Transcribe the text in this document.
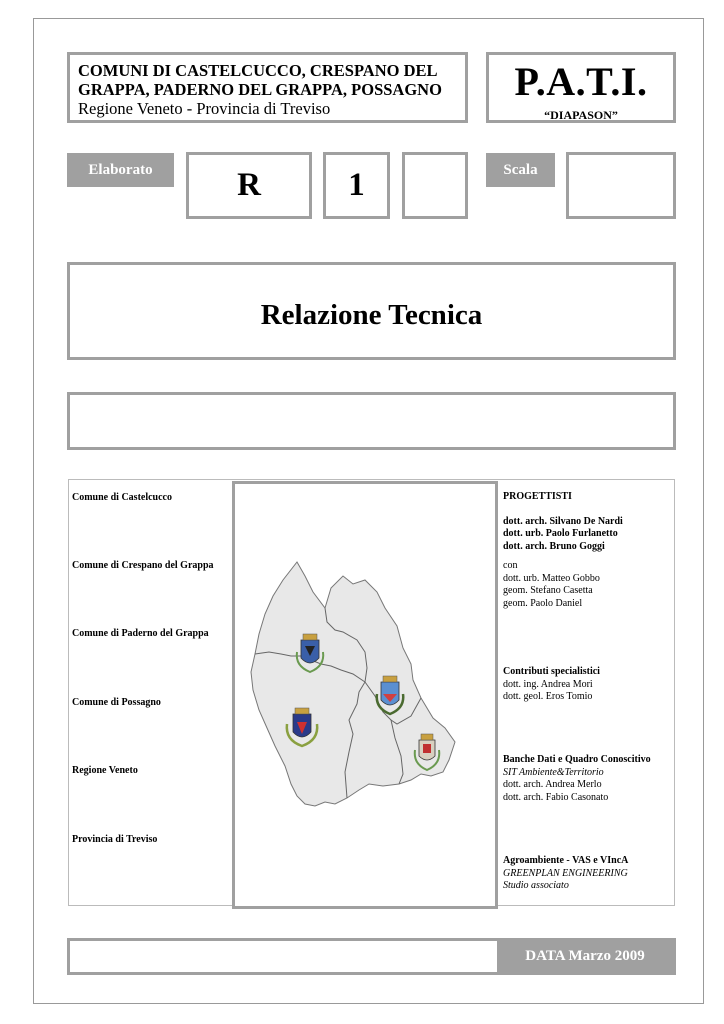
COMUNI DI CASTELCUCCO, CRESPANO DEL
GRAPPA, PADERNO DEL GRAPPA, POSSAGNO
Regione Veneto - Provincia di Treviso
P.A.T.I.
“DIAPASON”
Elaborato	R	1	Scala
Relazione Tecnica
Comune di Castelcucco
Comune di Crespano del Grappa
Comune di Paderno del Grappa
Comune di Possagno
Regione Veneto
Provincia di Treviso
PROGETTISTI
dott. arch. Silvano De Nardi
dott. urb. Paolo Furlanetto
dott. arch. Bruno Goggi
con
dott. urb. Matteo Gobbo
geom. Stefano Casetta
geom. Paolo Daniel
Contributi specialistici
dott. ing. Andrea Mori
dott. geol. Eros Tomio
Banche Dati e Quadro Conoscitivo
SIT Ambiente&Territorio
dott. arch. Andrea Merlo
dott. arch. Fabio Casonato
Agroambiente - VAS e VIncA
GREENPLAN ENGINEERING
Studio associato
DATA Marzo 2009
